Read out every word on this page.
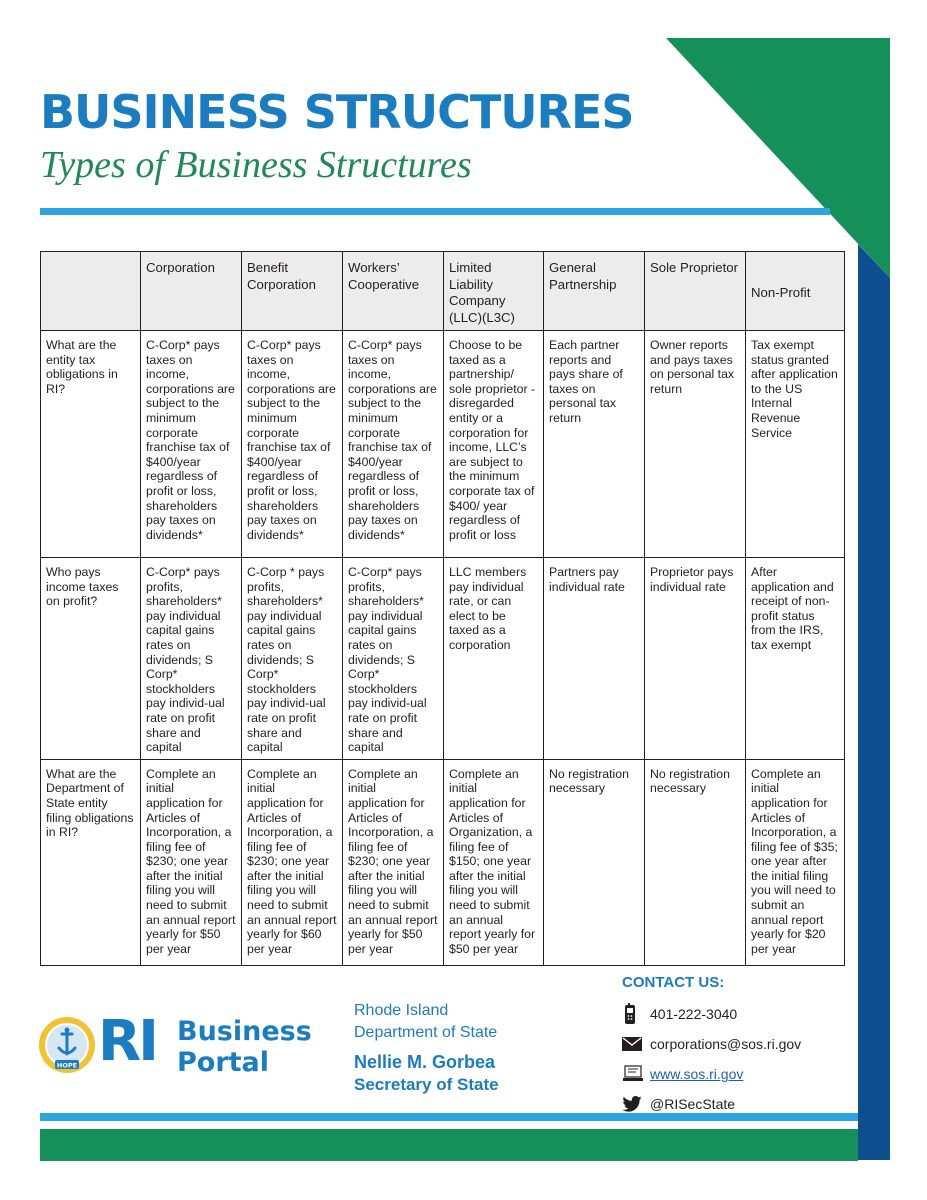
BUSINESS STRUCTURES
Types of Business Structures
	Corporation	Benefit Corporation	Workers’ Cooperative	Limited Liability Company (LLC)(L3C)	General Partnership	Sole Proprietor	Non-Profit
What are the entity tax obligations in RI?	C-Corp* pays taxes on income, corporations are subject to the minimum corporate franchise tax of $400/year regardless of profit or loss, shareholders pay taxes on dividends*	C-Corp* pays taxes on income, corporations are subject to the minimum corporate franchise tax of $400/year regardless of profit or loss, shareholders pay taxes on dividends*	C-Corp* pays taxes on income, corporations are subject to the minimum corporate franchise tax of $400/year regardless of profit or loss, shareholders pay taxes on dividends*	Choose to be taxed as a partnership/ sole proprietor - disregarded entity or a corporation for income, LLC’s are subject to the minimum corporate tax of $400/ year regardless of profit or loss	Each partner reports and pays share of taxes on personal tax return	Owner reports and pays taxes on personal tax return	Tax exempt status granted after application to the US Internal Revenue Service
Who pays income taxes on profit?	C-Corp* pays profits, shareholders* pay individual capital gains rates on dividends; S Corp* stockholders pay individ-ual rate on profit share and capital	C-Corp * pays profits, shareholders* pay individual capital gains rates on dividends; S Corp* stockholders pay individ-ual rate on profit share and capital	C-Corp* pays profits, shareholders* pay individual capital gains rates on dividends; S Corp* stockholders pay individ-ual rate on profit share and capital	LLC members pay individual rate, or can elect to be taxed as a corporation	Partners pay individual rate	Proprietor pays individual rate	After application and receipt of non-profit status from the IRS, tax exempt
What are the Department of State entity filing obligations in RI?	Complete an initial application for Articles of Incorporation, a filing fee of $230; one year after the initial filing you will need to submit an annual report yearly for $50 per year	Complete an initial application for Articles of Incorporation, a filing fee of $230; one year after the initial filing you will need to submit an annual report yearly for $60 per year	Complete an initial application for Articles of Incorporation, a filing fee of $230; one year after the initial filing you will need to submit an annual report yearly for $50 per year	Complete an initial application for Articles of Organization, a filing fee of $150; one year after the initial filing you will need to submit an annual report yearly for $50 per year	No registration necessary	No registration necessary	Complete an initial application for Articles of Incorporation, a filing fee of $35; one year after the initial filing you will need to submit an annual report yearly for $20 per year
HOPE RI Business
Portal
Rhode Island
Department of State
Nellie M. Gorbea
Secretary of State
CONTACT US:
401-222-3040
corporations@sos.ri.gov
www.sos.ri.gov
@RISecState
